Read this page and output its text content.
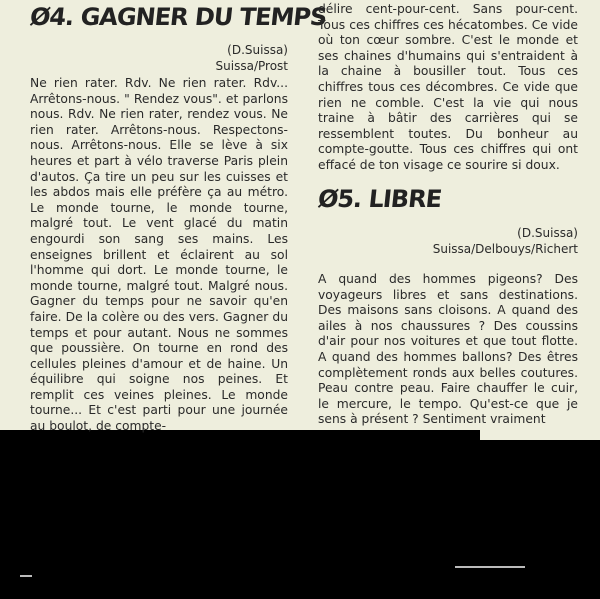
Ø4. GAGNER DU TEMPS
(D.Suissa)
Suissa/Prost
Ne rien rater. Rdv. Ne rien rater. Rdv... Arrêtons-nous. " Rendez vous". et parlons nous. Rdv. Ne rien rater, rendez vous. Ne rien rater. Arrêtons-nous. Respectons-nous. Arrêtons-nous. Elle se lève à six heures et part à vélo traverse Paris plein d'autos. Ça tire un peu sur les cuisses et les abdos mais elle préfère ça au métro. Le monde tourne, le monde tourne, malgré tout. Le vent glacé du matin engourdi son sang ses mains. Les enseignes brillent et éclairent au sol l'homme qui dort. Le monde tourne, le monde tourne, malgré tout. Malgré nous. Gagner du temps pour ne savoir qu'en faire. De la colère ou des vers. Gagner du temps et pour autant. Nous ne sommes que poussière. On tourne en rond des cellules pleines d'amour et de haine. Un équilibre qui soigne nos peines. Et remplit ces veines pleines. Le monde tourne... Et c'est parti pour une journée au boulot, de compte-
délire cent-pour-cent. Sans pour-cent. Tous ces chiffres ces hécatombes. Ce vide où ton cœur sombre. C'est le monde et ses chaines d'humains qui s'entraident à la chaine à bousiller tout. Tous ces chiffres tous ces décombres. Ce vide que rien ne comble. C'est la vie qui nous traine à bâtir des carrières qui se ressemblent toutes. Du bonheur au compte-goutte. Tous ces chiffres qui ont effacé de ton visage ce sourire si doux.
Ø5. LIBRE
(D.Suissa)
Suissa/Delbouys/Richert
A quand des hommes pigeons? Des voyageurs libres et sans destinations. Des maisons sans cloisons. A quand des ailes à nos chaussures ? Des coussins d'air pour nos voitures et que tout flotte. A quand des hommes ballons? Des êtres complètement ronds aux belles coutures. Peau contre peau. Faire chauffer le cuir, le mercure, le tempo. Qu'est-ce que je sens à présent ? Sentiment vraiment
